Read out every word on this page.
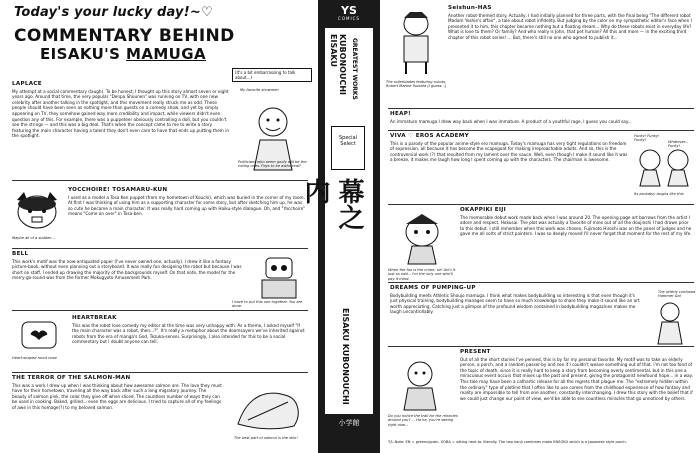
Today's your lucky day!~♡
COMMENTARY BEHIND
EISAKU'S MAMUGA
(It's a bit embarrassing to talk about...)
LAPLACE

My attempt at a social commentary (laugh). To be honest, I thought up this story almost seven or eight years ago. Around that time, the very popular "Denpa Shounen" was running on TV, with one new celebrity after another talking in the spotlight, and this movement really struck me as odd. These people should have been seen as nothing more than guests on a comedy show, and yet by simply appearing on TV, they somehow gained way more credibility and impact, while viewers didn't even question any of this. For example, there was a puppeteer obviously controlling a doll, but you couldn't see the strings — and this was a big deal. That's when the concept came to me to write a story featuring the main character having a talent they don't even care to have that ends up putting them in the spotlight.

My favorite showmen
Politicians who seem goofy will be the voting ones. Pays to be awful real?
Maybe all of a sudden...
YOCCHOIRE! TOSAMARU-KUN

I used as a model a Tosa Ken puppet (from my hometown of Kouchi), which was buried in the corner of my room. At first I was thinking of using him as a supporting character for some story, but after sketching him up, he was so cute he became a main character. It was really hard coming up with Haiku-style dialogue. Oh, and "Yocchoire" means "Come on over" in Tosa-ben.

BELL

This work's motif was the now-antiquated paper (I've never owned one, actually). I drew it like a fantasy picture-book, without even planning out a storyboard. It was really fun designing the robot but because I was short on staff, I ended up drawing the majority of the backgrounds myself. On that note, the model for the merry-go-round was from the former Mokugyoto Amusement Park.

I have to put this one together. You are done.
Heart-shaped robot nose
HEARTBREAK

This was the robot love comedy my editor at the time was very unhappy with. As a theme, I asked myself "If the main character was a robot, then...?". It's really a metaphor about the doomsayers we've inherited against robots from the era of manga's God, Tezuka-sensei. Surprisingly, I also intended for this to be a social commentary but I doubt anyone can tell.

THE TERROR OF THE SALMON-MAN

This was a work I drew up when I was thinking about how awesome salmon are. The love they must have for their hometown, traveling all the way back after such a long migratory journey. The beauty of salmon pink, the color they give off when sliced. The countless number of ways they can be used in cooking. Baked, grilled... even the eggs are delicious. I tried to capture all of my feelings of awe in this homage(?) to my beloved salmon.

The best part of salmon is the skin!
YS
COMICS
KUBONOUCHI EISAKU	GREATEST WORKS
Special Select
幕之内
EISAKU KUBONOUCHI
小学館
The rollerblades featuring robots, Robert Mahoe Tsukata (I guess...)
Seishun-HAS

Another robot-themed story. Actually, I had initially planned for three parts, with the final being "The different robot Madam Yoshie's affair", a tale about robot infidelity. But judging by the color on my sympathetic editor's face when I presented it to him, this chapter became nothing but a floating dream... Why do these robots exist in everyday life? What is love to them? Or family? And who really is John, that pet human? All this and more — in the exciting third chapter of this robot series! ... But, there's still no one who agreed to publish it...

HEAP!

An immature mamuga I drew way back when I was immature. A product of a youthful rage, I guess you could say...

VIVA ♡ EROS ACADEMY

This is a parody of the popular anime-style ero mamuga. Today's mamuga has very tight regulations on freedom of expression, all because it has become the scapegoat for making irreproachable adults. And so, this is the controversial work (?) that resulted from my lament over the sauce. Well, even though I make it sound like it was a breeze, it makes me laugh how long I spent coming up with the characters. The chairman is awesome.

Funky! Funky! Funky!	Whatever... Funky!
Its probably laughs like this
When the fox is the crime, sir! Ain't it just so odd... I'm the only one who'll pay it mind.
OKAPPIKI EIJI

The memorable debut work made back when I was around 20. The opening page art borrows from the artist I adore and respect, Hokusai. The plot was actually a favorite of mine out of all the doujinshi I had drawn prior to this debut. I still remember when this work was chosen, Fujimoto Hiroshi was on the panel of judges and he gave me all sorts of strict pointers. I was so deeply moved I'll never forget that moment for the rest of my life.

DREAMS OF PUMPING-UP

Bodybuilding meets Athletic Shoujo mamuga. I think what makes bodybuilding so interesting is that even though it's just physical training, bodybuilding manages seem to have so much knowledge to share they make it sound like an art worth appreciating. Catching just a glimpse of the profound wisdom contained in bodybuilding magazines makes me laugh uncontrollably.

The utterly confused Hammer Gal
Do you notice the trail for the miracles around you? ... Ha ha, you're seeing right now...
PRESENT

Out of all the short stories I've penned, this is by far my personal favorite. My motif was to take an elderly person, a porch, and a random passer-by and see if I couldn't weave something out of that. I'm not too fond of the topic of death, since it is really hard to keep a story from becoming overly sentimental, but in this one a miraculous event occurs that mixes up the past and present, giving the protagonist newfound hope... in a way. This tale may have been a cathartic release for all the regrets that plague me. The "extremely hidden within the ordinary" type of plotline that I often like to use comes from the childhood experience of how fantasy and reality are impossible to tell from one another, constantly interchanging. I drew this story with the belief that if we could just change our point of view, we'd be able to see countless miracles that go unnoticed by others.

T/L-Note: EN = greens/grain. SOBA = sitting next to. literally. The two kanji combines make ENSOKU which is a Japanese style porch.
